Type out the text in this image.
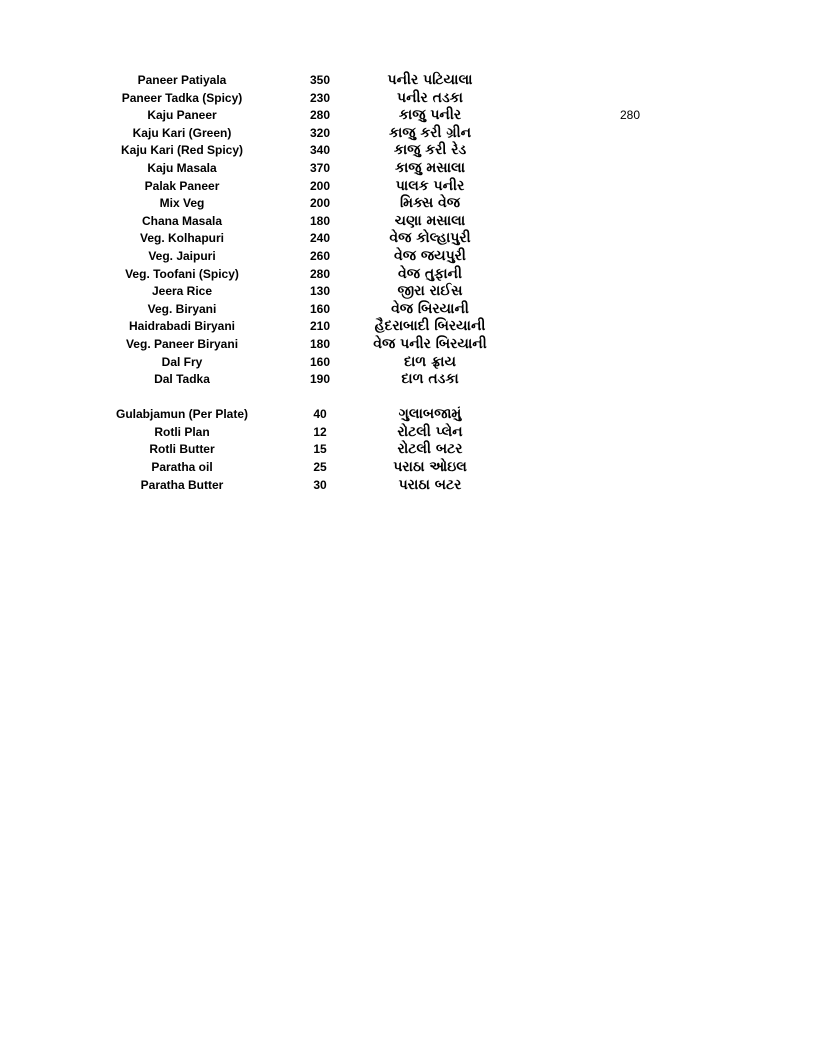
Paneer Patiyala	350	પનીર પટિયાલા
Paneer Tadka (Spicy)	230	પનીર તડકા
Kaju Paneer	280	કાજુ પનીર	280
Kaju Kari (Green)	320	કાજુ કરી ગ્રીન
Kaju Kari (Red Spicy)	340	કાજુ કરી રેડ
Kaju Masala	370	કાજુ મસાલા
Palak Paneer	200	પાલક પનીર
Mix Veg	200	મિક્સ વેજ
Chana Masala	180	ચણા મસાલા
Veg. Kolhapuri	240	વેજ કોલ્હાપુરી
Veg. Jaipuri	260	વેજ જયપુરી
Veg. Toofani (Spicy)	280	વેજ તુફાની
Jeera Rice	130	જીરા રાઈસ
Veg. Biryani	160	વેજ બિરયાની
Haidrabadi Biryani	210	હૈદરાબાદી બિરયાની
Veg. Paneer Biryani	180	વેજ પનીર બિરયાની
Dal Fry	160	દાળ ફ્રાય
Dal Tadka	190	દાળ તડકા
Gulabjamun (Per Plate)	40	ગુલાબજામું
Rotli Plan	12	રોટલી પ્લેન
Rotli Butter	15	રોટલી બટર
Paratha oil	25	પરાઠા ઓઇલ
Paratha Butter	30	પરાઠા બટર
